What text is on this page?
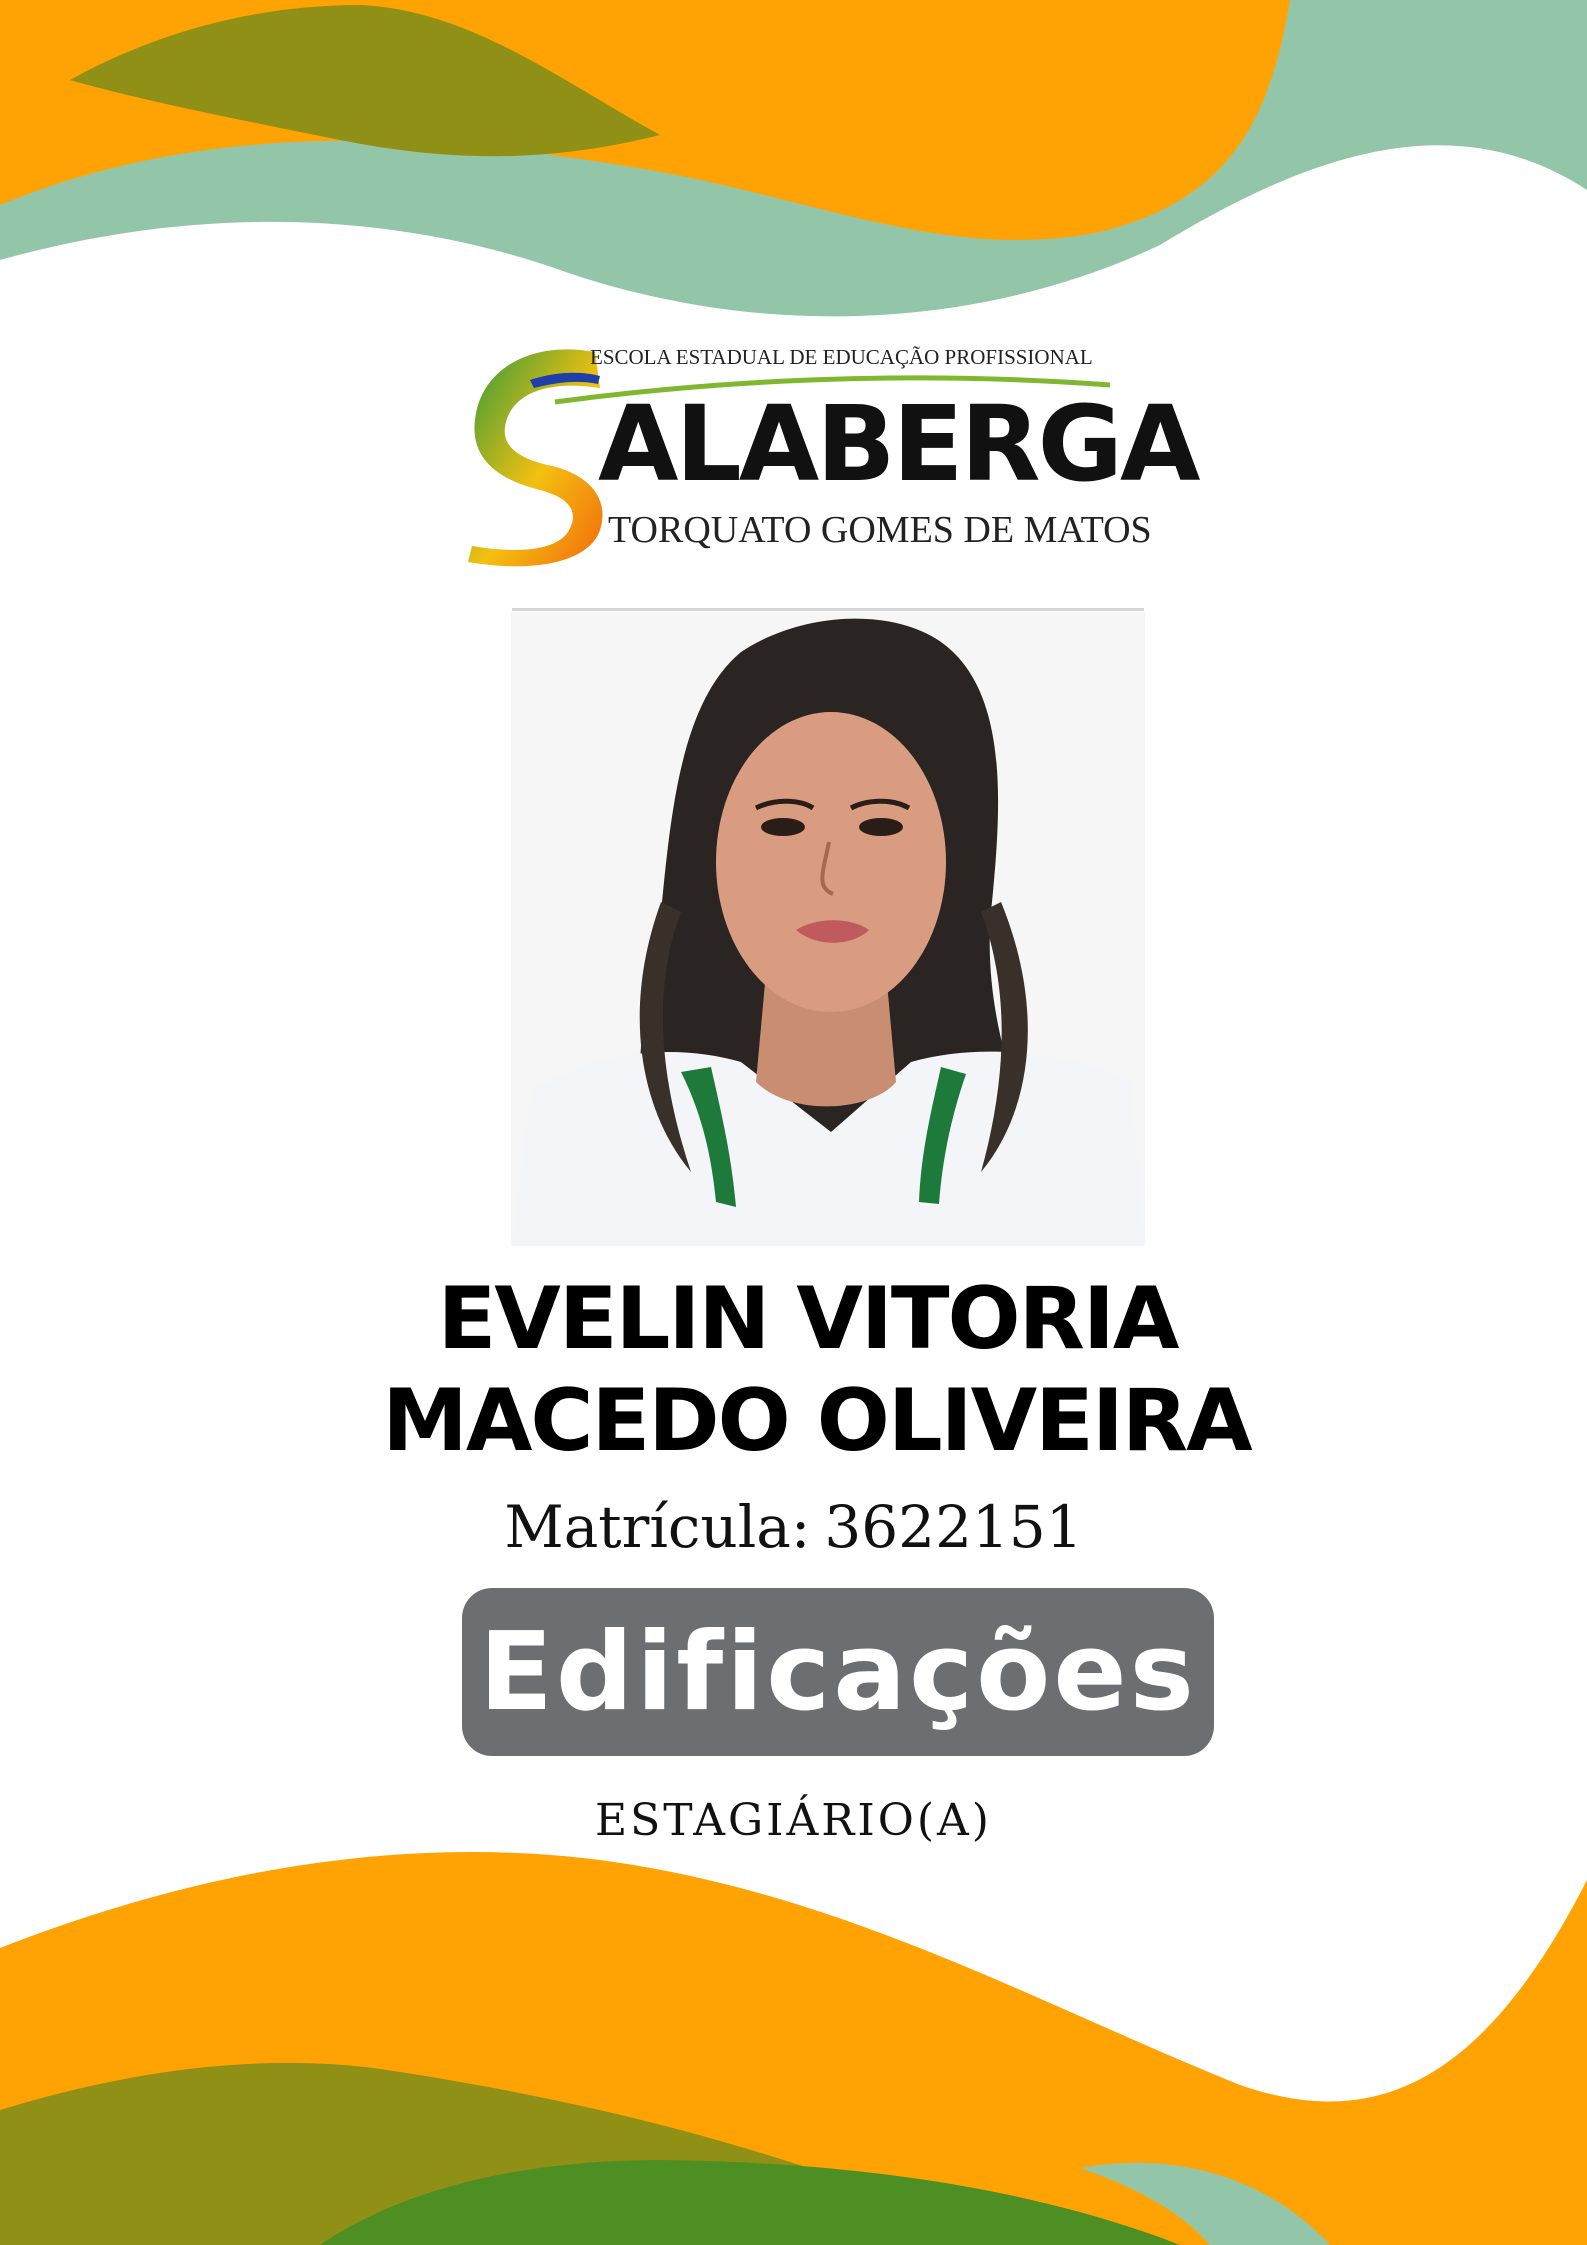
ESCOLA ESTADUAL DE EDUCAÇÃO PROFISSIONAL
ALABERGA
TORQUATO GOMES DE MATOS
EVELIN VITORIA
MACEDO OLIVEIRA
Matrícula: 3622151
Edificações
ESTAGIÁRIO(A)
